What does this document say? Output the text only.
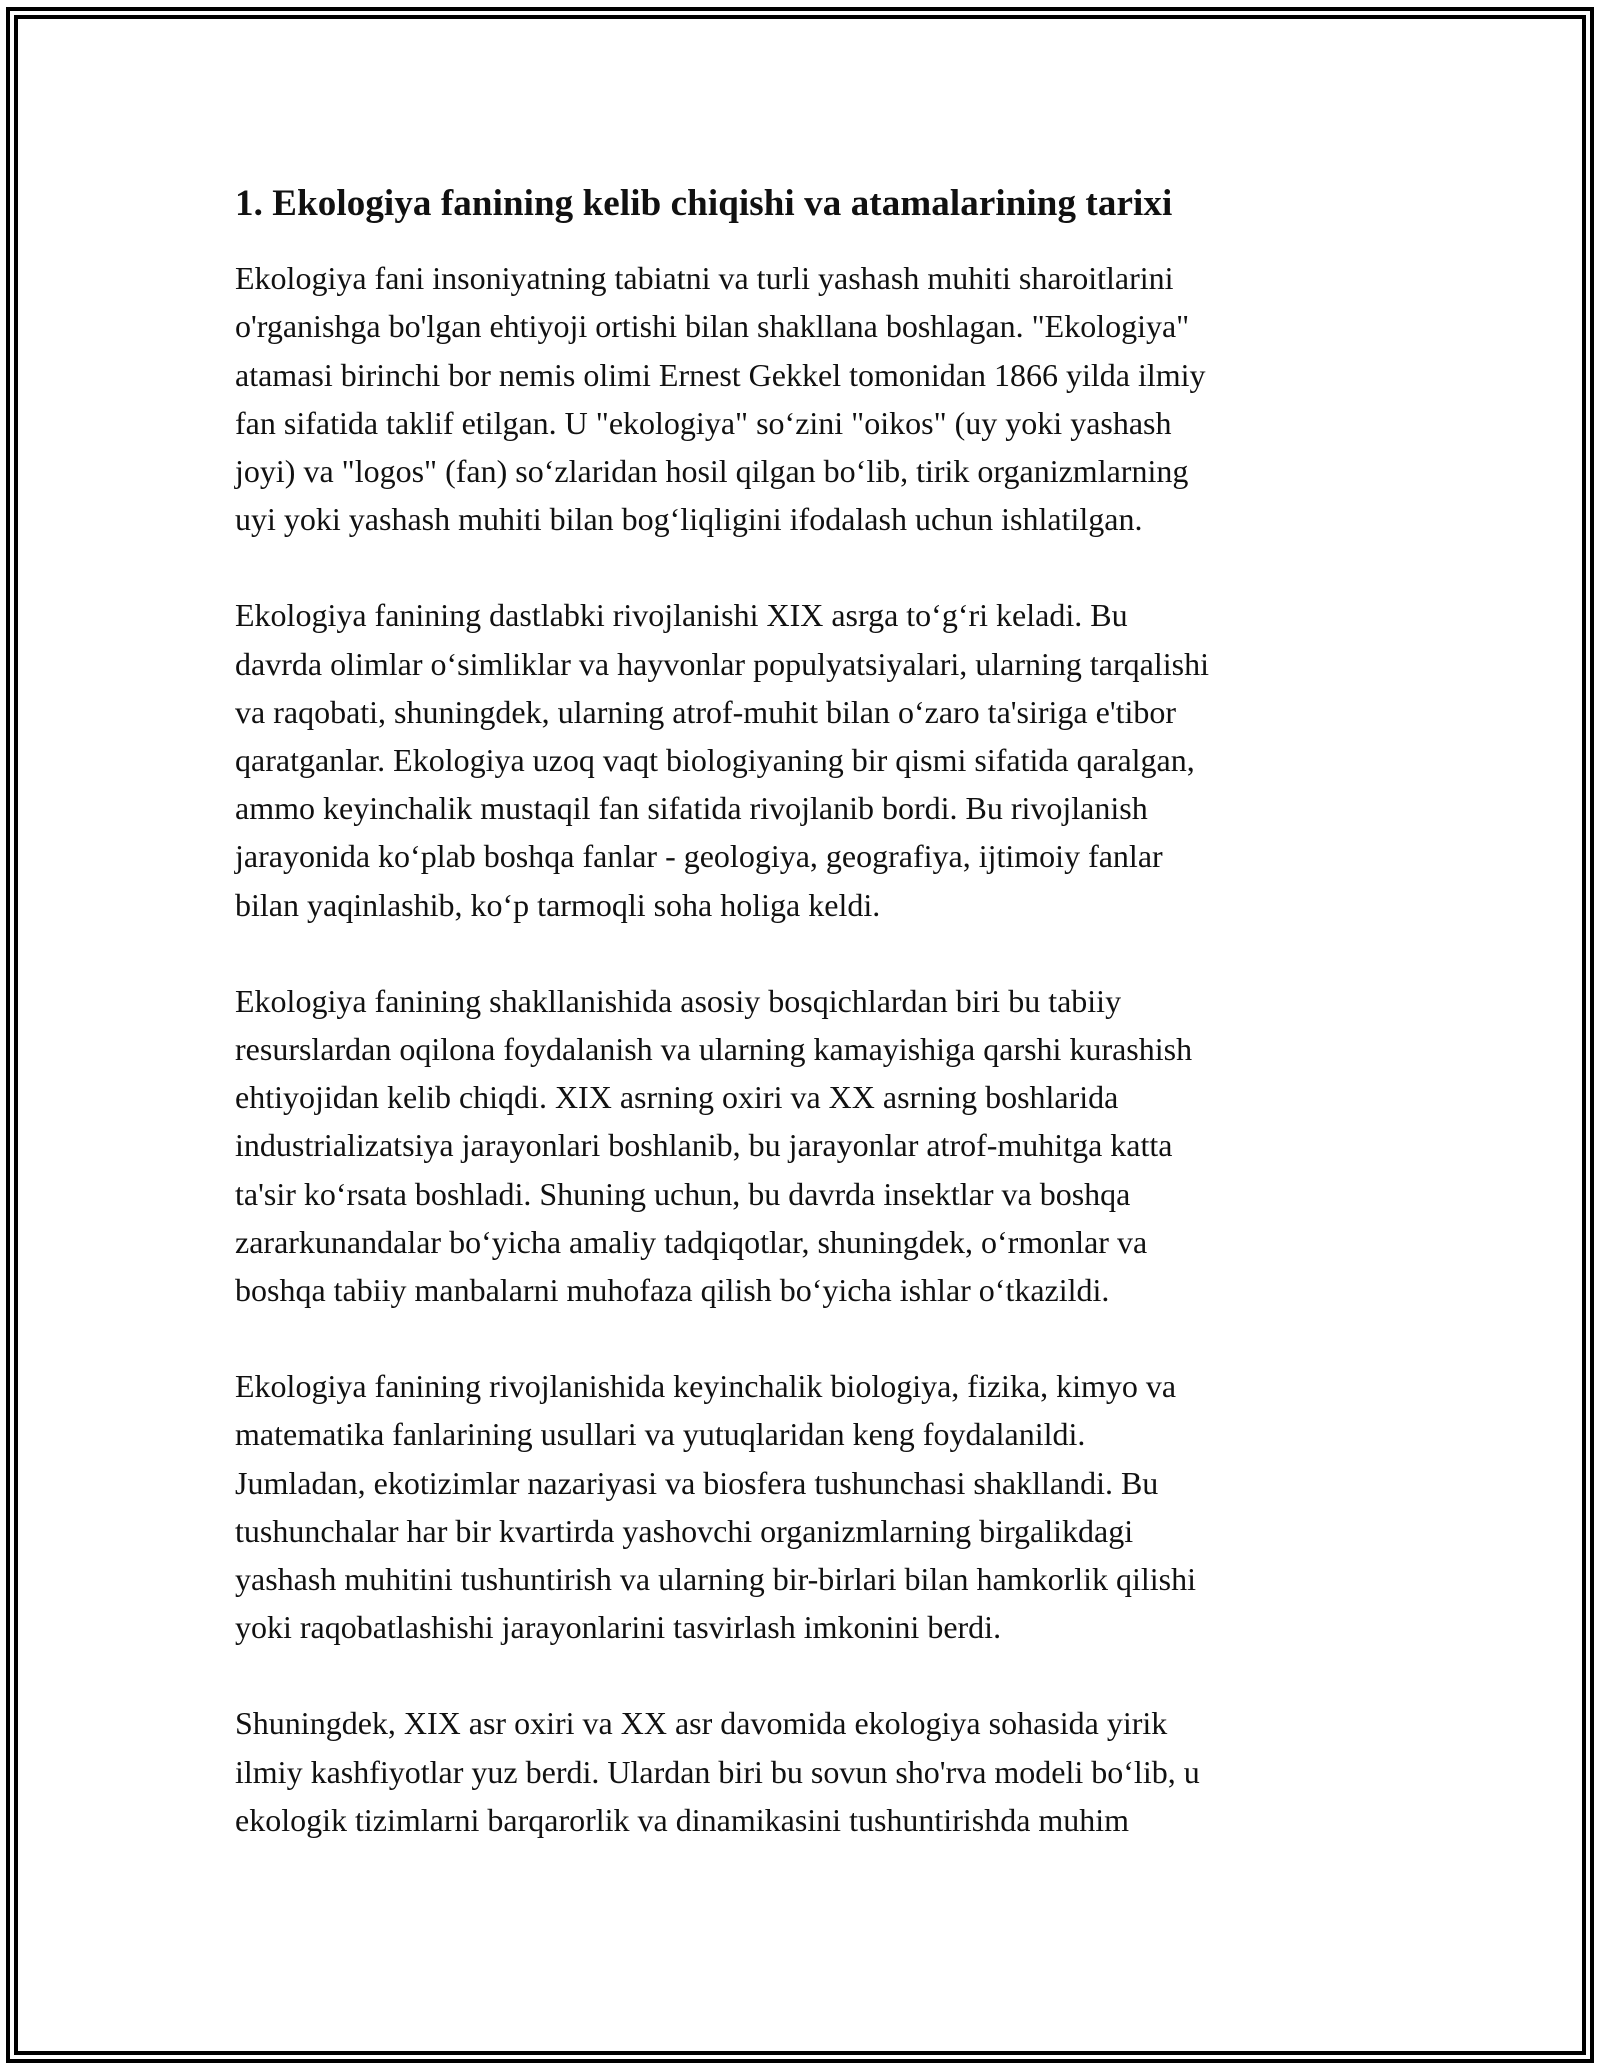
1. Ekologiya fanining kelib chiqishi va atamalarining tarixi
Ekologiya fani insoniyatning tabiatni va turli yashash muhiti sharoitlarini
o'rganishga bo'lgan ehtiyoji ortishi bilan shakllana boshlagan. "Ekologiya"
atamasi birinchi bor nemis olimi Ernest Gekkel tomonidan 1866 yilda ilmiy
fan sifatida taklif etilgan. U "ekologiya" so‘zini "oikos" (uy yoki yashash
joyi) va "logos" (fan) so‘zlaridan hosil qilgan bo‘lib, tirik organizmlarning
uyi yoki yashash muhiti bilan bog‘liqligini ifodalash uchun ishlatilgan.
Ekologiya fanining dastlabki rivojlanishi XIX asrga to‘g‘ri keladi. Bu
davrda olimlar o‘simliklar va hayvonlar populyatsiyalari, ularning tarqalishi
va raqobati, shuningdek, ularning atrof-muhit bilan o‘zaro ta'siriga e'tibor
qaratganlar. Ekologiya uzoq vaqt biologiyaning bir qismi sifatida qaralgan,
ammo keyinchalik mustaqil fan sifatida rivojlanib bordi. Bu rivojlanish
jarayonida ko‘plab boshqa fanlar - geologiya, geografiya, ijtimoiy fanlar
bilan yaqinlashib, ko‘p tarmoqli soha holiga keldi.
Ekologiya fanining shakllanishida asosiy bosqichlardan biri bu tabiiy
resurslardan oqilona foydalanish va ularning kamayishiga qarshi kurashish
ehtiyojidan kelib chiqdi. XIX asrning oxiri va XX asrning boshlarida
industrializatsiya jarayonlari boshlanib, bu jarayonlar atrof-muhitga katta
ta'sir ko‘rsata boshladi. Shuning uchun, bu davrda insektlar va boshqa
zararkunandalar bo‘yicha amaliy tadqiqotlar, shuningdek, o‘rmonlar va
boshqa tabiiy manbalarni muhofaza qilish bo‘yicha ishlar o‘tkazildi.
Ekologiya fanining rivojlanishida keyinchalik biologiya, fizika, kimyo va
matematika fanlarining usullari va yutuqlaridan keng foydalanildi.
Jumladan, ekotizimlar nazariyasi va biosfera tushunchasi shakllandi. Bu
tushunchalar har bir kvartirda yashovchi organizmlarning birgalikdagi
yashash muhitini tushuntirish va ularning bir-birlari bilan hamkorlik qilishi
yoki raqobatlashishi jarayonlarini tasvirlash imkonini berdi.
Shuningdek, XIX asr oxiri va XX asr davomida ekologiya sohasida yirik
ilmiy kashfiyotlar yuz berdi. Ulardan biri bu sovun sho'rva modeli bo‘lib, u
ekologik tizimlarni barqarorlik va dinamikasini tushuntirishda muhim
